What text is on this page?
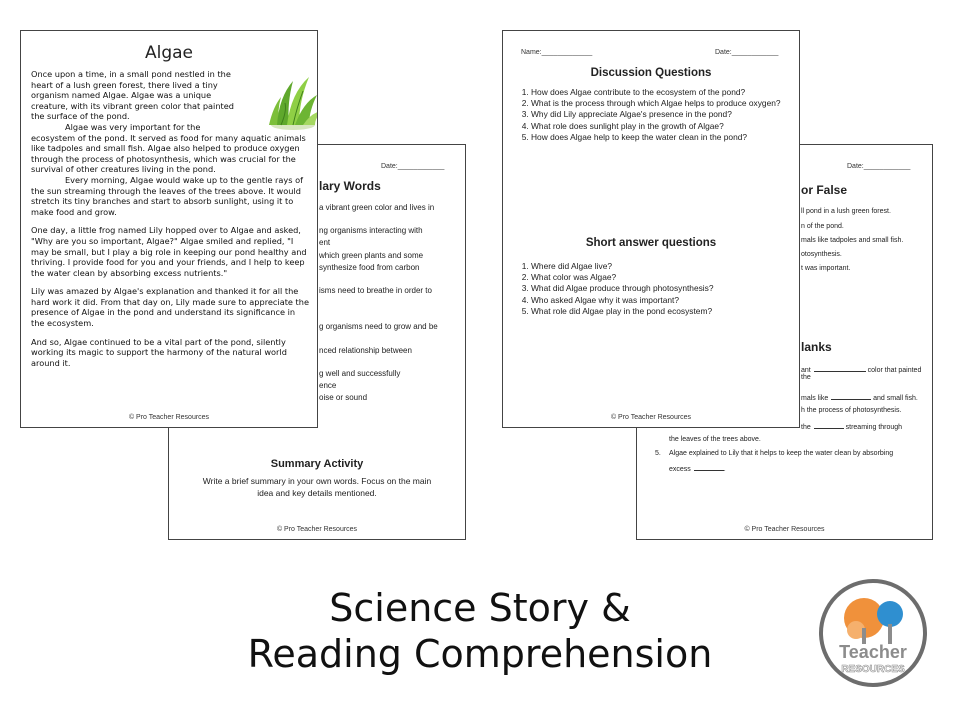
Date:____________
lary Words
a vibrant green color and lives in
ng organisms interacting with
ent
which green plants and some
synthesize food from carbon
isms need to breathe in order to
g organisms need to grow and be
nced relationship between
g well and successfully
ence
oise or sound
Summary Activity
Write a brief summary in your own words. Focus on the main idea and key details mentioned.
© Pro Teacher Resources
Date:____________
or False
ll pond in a lush green forest.
n of the pond.
mals like tadpoles and small fish.
otosynthesis.
t was important.
lanks
ant	color that painted the
mals like	and small fish.
h the process of photosynthesis.
the	streaming through
the leaves of the trees above.
5. Algae explained to Lily that it helps to keep the water clean by absorbing
excess	.
© Pro Teacher Resources
Name:_____________	Date:____________
Discussion Questions
1. How does Algae contribute to the ecosystem of the pond?
2. What is the process through which Algae helps to produce oxygen?
3. Why did Lily appreciate Algae's presence in the pond?
4. What role does sunlight play in the growth of Algae?
5. How does Algae help to keep the water clean in the pond?
Short answer questions
1. Where did Algae live?
2. What color was Algae?
3. What did Algae produce through photosynthesis?
4. Who asked Algae why it was important?
5. What role did Algae play in the pond ecosystem?
© Pro Teacher Resources
Algae

Once upon a time, in a small pond nestled in the heart of a lush green forest, there lived a tiny organism named Algae. Algae was a unique creature, with its vibrant green color that painted the surface of the pond.

Algae was very important for the ecosystem of the pond. It served as food for many aquatic animals like tadpoles and small fish. Algae also helped to produce oxygen through the process of photosynthesis, which was crucial for the survival of other creatures living in the pond.

Every morning, Algae would wake up to the gentle rays of the sun streaming through the leaves of the trees above. It would stretch its tiny branches and start to absorb sunlight, using it to make food and grow.

One day, a little frog named Lily hopped over to Algae and asked, "Why are you so important, Algae?" Algae smiled and replied, "I may be small, but I play a big role in keeping our pond healthy and thriving. I provide food for you and your friends, and I help to keep the water clean by absorbing excess nutrients."

Lily was amazed by Algae's explanation and thanked it for all the hard work it did. From that day on, Lily made sure to appreciate the presence of Algae in the pond and understand its significance in the ecosystem.

And so, Algae continued to be a vital part of the pond, silently working its magic to support the harmony of the natural world around it.

© Pro Teacher Resources
Science Story &
Reading Comprehension	Teacher
RESOURCES
